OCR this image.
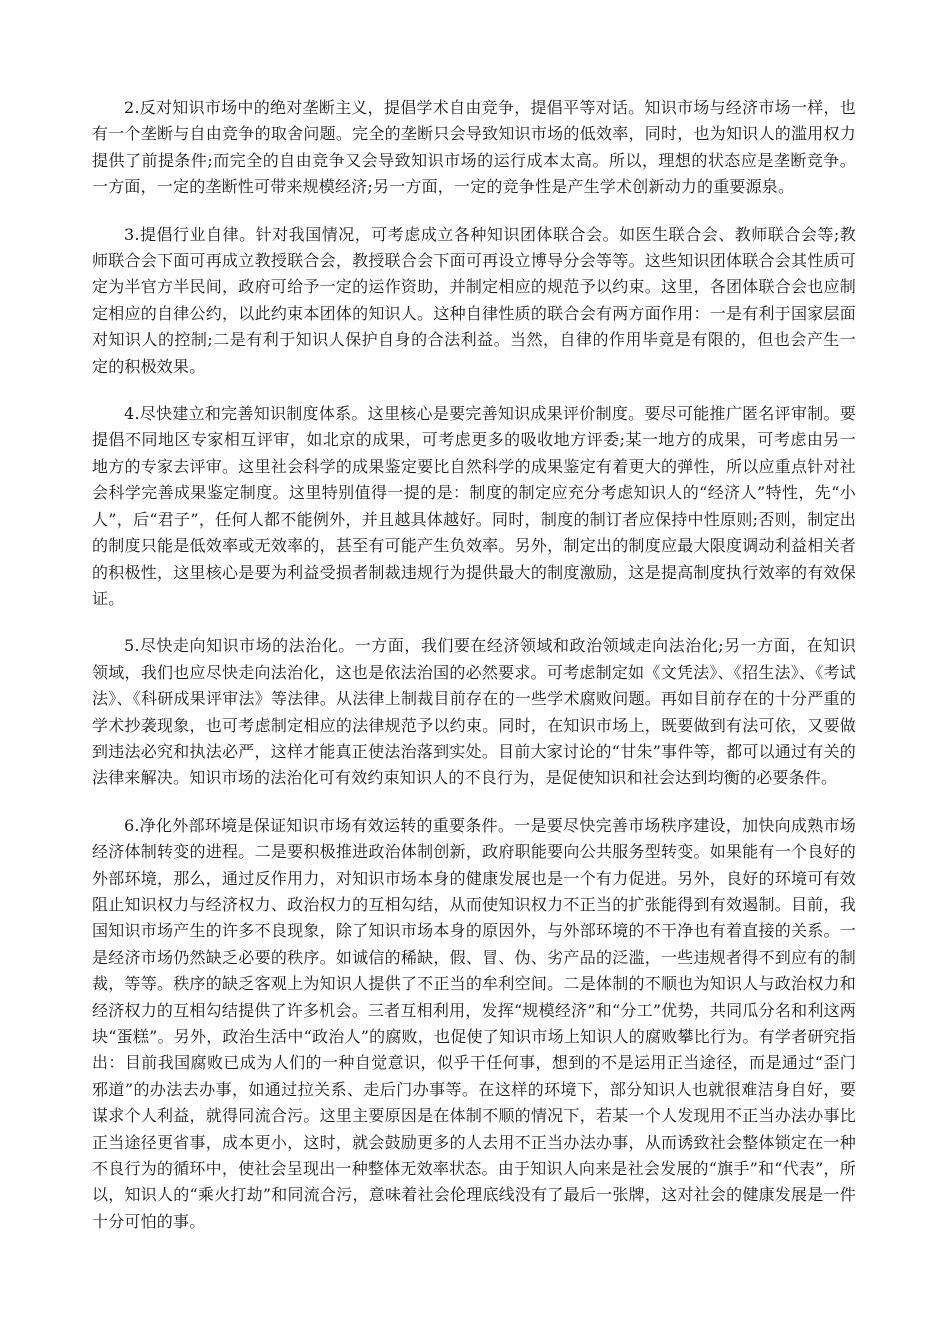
2.反对知识市场中的绝对垄断主义，提倡学术自由竞争，提倡平等对话。知识市场与经济市场一样，也有一个垄断与自由竞争的取舍问题。完全的垄断只会导致知识市场的低效率，同时，也为知识人的滥用权力提供了前提条件;而完全的自由竞争又会导致知识市场的运行成本太高。所以，理想的状态应是垄断竞争。一方面，一定的垄断性可带来规模经济;另一方面，一定的竞争性是产生学术创新动力的重要源泉。

3.提倡行业自律。针对我国情况，可考虑成立各种知识团体联合会。如医生联合会、教师联合会等;教师联合会下面可再成立教授联合会，教授联合会下面可再设立博导分会等等。这些知识团体联合会其性质可定为半官方半民间，政府可给予一定的运作资助，并制定相应的规范予以约束。这里，各团体联合会也应制定相应的自律公约，以此约束本团体的知识人。这种自律性质的联合会有两方面作用：一是有利于国家层面对知识人的控制;二是有利于知识人保护自身的合法利益。当然，自律的作用毕竟是有限的，但也会产生一定的积极效果。

4.尽快建立和完善知识制度体系。这里核心是要完善知识成果评价制度。要尽可能推广匿名评审制。要提倡不同地区专家相互评审，如北京的成果，可考虑更多的吸收地方评委;某一地方的成果，可考虑由另一地方的专家去评审。这里社会科学的成果鉴定要比自然科学的成果鉴定有着更大的弹性，所以应重点针对社会科学完善成果鉴定制度。这里特别值得一提的是：制度的制定应充分考虑知识人的“经济人”特性，先“小人”，后“君子”，任何人都不能例外，并且越具体越好。同时，制度的制订者应保持中性原则;否则，制定出的制度只能是低效率或无效率的，甚至有可能产生负效率。另外，制定出的制度应最大限度调动利益相关者的积极性，这里核心是要为利益受损者制裁违规行为提供最大的制度激励，这是提高制度执行效率的有效保证。

5.尽快走向知识市场的法治化。一方面，我们要在经济领域和政治领域走向法治化;另一方面，在知识领域，我们也应尽快走向法治化，这也是依法治国的必然要求。可考虑制定如《文凭法》、《招生法》、《考试法》、《科研成果评审法》等法律。从法律上制裁目前存在的一些学术腐败问题。再如目前存在的十分严重的学术抄袭现象，也可考虑制定相应的法律规范予以约束。同时，在知识市场上，既要做到有法可依，又要做到违法必究和执法必严，这样才能真正使法治落到实处。目前大家讨论的“甘朱”事件等，都可以通过有关的法律来解决。知识市场的法治化可有效约束知识人的不良行为，是促使知识和社会达到均衡的必要条件。

6.净化外部环境是保证知识市场有效运转的重要条件。一是要尽快完善市场秩序建设，加快向成熟市场经济体制转变的进程。二是要积极推进政治体制创新，政府职能要向公共服务型转变。如果能有一个良好的外部环境，那么，通过反作用力，对知识市场本身的健康发展也是一个有力促进。另外，良好的环境可有效阻止知识权力与经济权力、政治权力的互相勾结，从而使知识权力不正当的扩张能得到有效遏制。目前，我国知识市场产生的许多不良现象，除了知识市场本身的原因外，与外部环境的不干净也有着直接的关系。一是经济市场仍然缺乏必要的秩序。如诚信的稀缺，假、冒、伪、劣产品的泛滥，一些违规者得不到应有的制裁，等等。秩序的缺乏客观上为知识人提供了不正当的牟利空间。二是体制的不顺也为知识人与政治权力和经济权力的互相勾结提供了许多机会。三者互相利用，发挥“规模经济”和“分工”优势，共同瓜分名和利这两块“蛋糕”。另外，政治生活中“政治人”的腐败，也促使了知识市场上知识人的腐败攀比行为。有学者研究指出：目前我国腐败已成为人们的一种自觉意识，似乎干任何事，想到的不是运用正当途径，而是通过“歪门邪道”的办法去办事，如通过拉关系、走后门办事等。在这样的环境下，部分知识人也就很难洁身自好，要谋求个人利益，就得同流合污。这里主要原因是在体制不顺的情况下，若某一个人发现用不正当办法办事比正当途径更省事，成本更小，这时，就会鼓励更多的人去用不正当办法办事，从而诱致社会整体锁定在一种不良行为的循环中，使社会呈现出一种整体无效率状态。由于知识人向来是社会发展的“旗手”和“代表”，所以，知识人的“乘火打劫”和同流合污，意味着社会伦理底线没有了最后一张牌，这对社会的健康发展是一件十分可怕的事。
